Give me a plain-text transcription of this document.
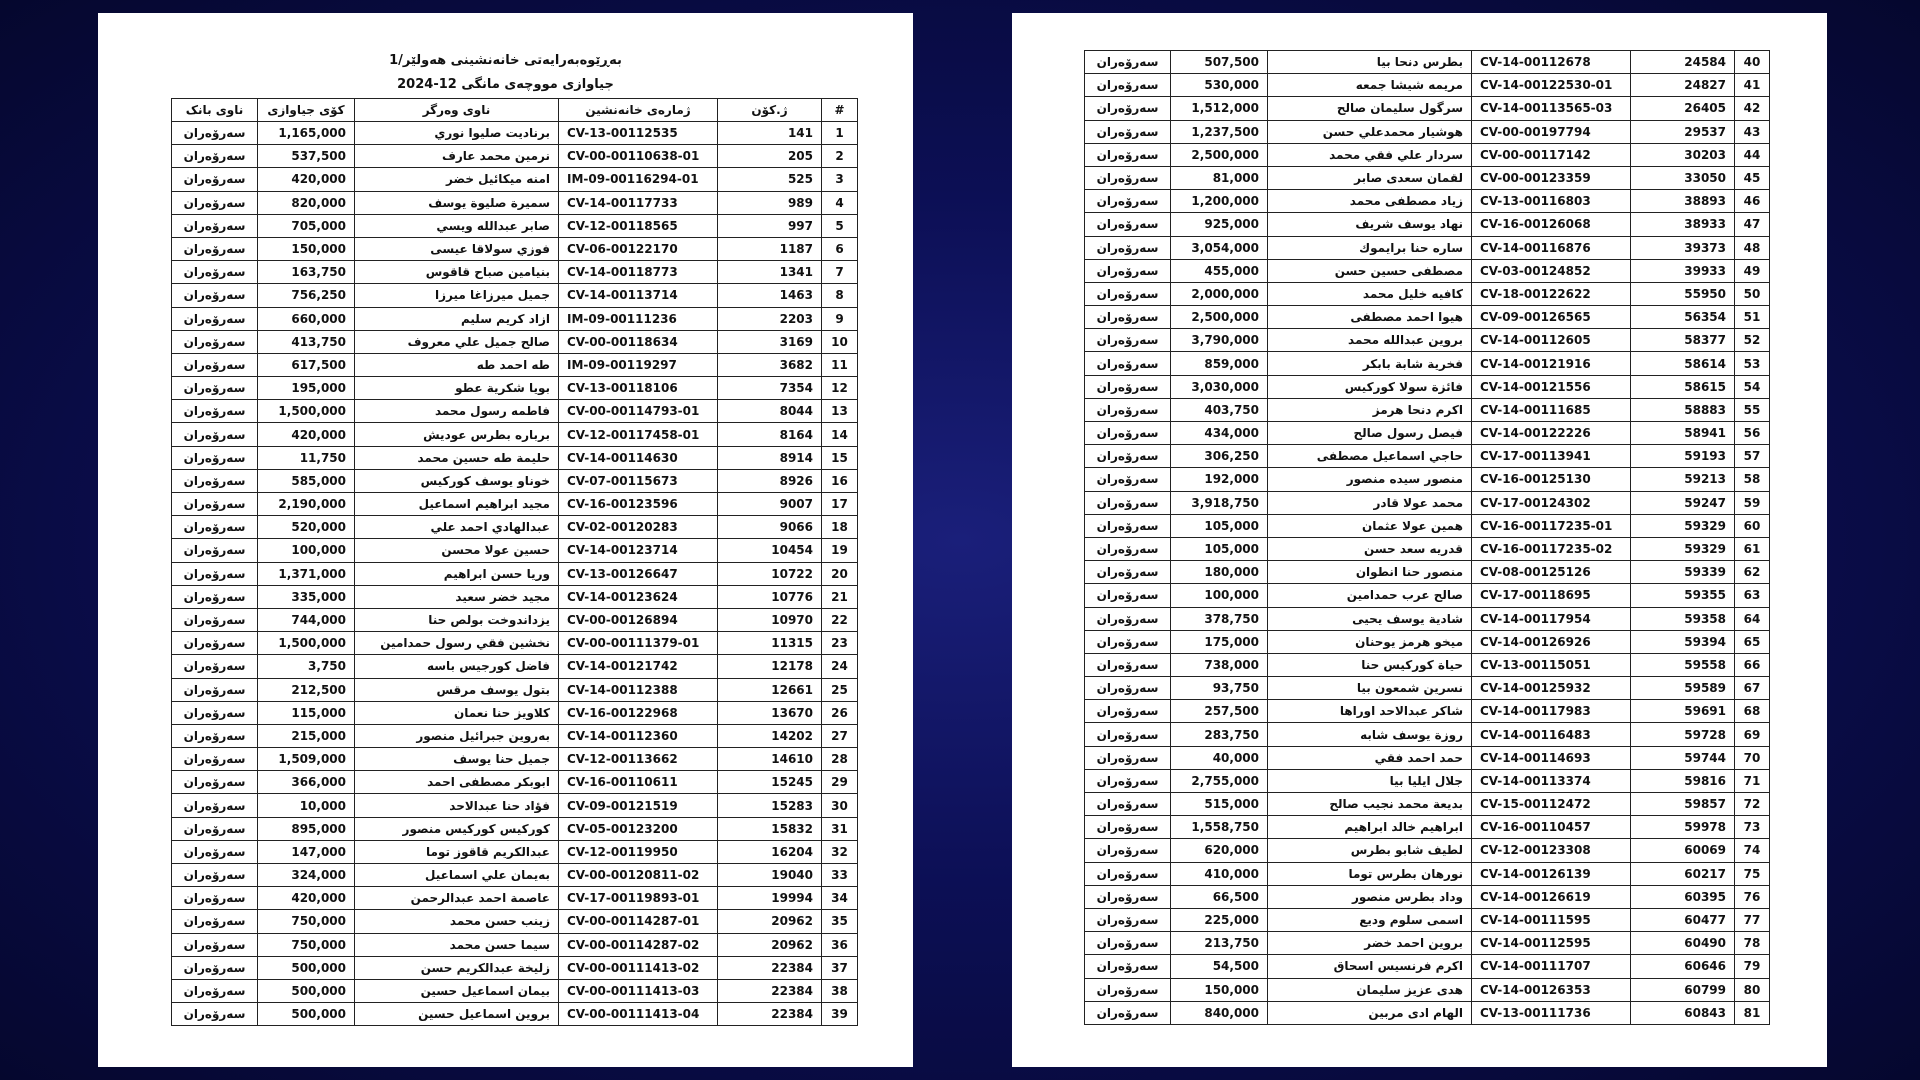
بەڕێوەبەرایەتی خانەنشینی هەولێر/1
جیاوازی مووچەی مانگی 12-2024
ناوی بانک	کۆی جیاوازی	ناوی وەرگر	ژمارەی خانەنشین	ژ.کۆن	#
سەرۆەران	1,165,000	برناديت صليوا نوري	CV-13-00112535	141	1
سەرۆەران	537,500	نرمين محمد عارف	CV-00-00110638-01	205	2
سەرۆەران	420,000	امنه ميكائيل خضر	IM-09-00116294-01	525	3
سەرۆەران	820,000	سميرة صليوة يوسف	CV-14-00117733	989	4
سەرۆەران	705,000	صابر عبدالله ويسي	CV-12-00118565	997	5
سەرۆەران	150,000	فوزي سولاقا عيسى	CV-06-00122170	1187	6
سەرۆەران	163,750	بنيامين صباح قاقوس	CV-14-00118773	1341	7
سەرۆەران	756,250	جميل ميرزاغا ميرزا	CV-14-00113714	1463	8
سەرۆەران	660,000	ازاد كريم سليم	IM-09-00111236	2203	9
سەرۆەران	413,750	صالح جميل علي معروف	CV-00-00118634	3169	10
سەرۆەران	617,500	طه احمد طه	IM-09-00119297	3682	11
سەرۆەران	195,000	بويا شكرية عطو	CV-13-00118106	7354	12
سەرۆەران	1,500,000	فاطمه رسول محمد	CV-00-00114793-01	8044	13
سەرۆەران	420,000	برباره بطرس عوديش	CV-12-00117458-01	8164	14
سەرۆەران	11,750	حليمة طه حسين محمد	CV-14-00114630	8914	15
سەرۆەران	585,000	خوناو يوسف كوركيس	CV-07-00115673	8926	16
سەرۆەران	2,190,000	مجيد ابراهيم اسماعيل	CV-16-00123596	9007	17
سەرۆەران	520,000	عبدالهادي احمد علي	CV-02-00120283	9066	18
سەرۆەران	100,000	حسين عولا محسن	CV-14-00123714	10454	19
سەرۆەران	1,371,000	وريا حسن ابراهيم	CV-13-00126647	10722	20
سەرۆەران	335,000	مجيد خضر سعيد	CV-14-00123624	10776	21
سەرۆەران	744,000	يزداندوخت بولص حنا	CV-00-00126894	10970	22
سەرۆەران	1,500,000	نخشين فقي رسول حمدامين	CV-00-00111379-01	11315	23
سەرۆەران	3,750	فاضل كورجيس باسه	CV-14-00121742	12178	24
سەرۆەران	212,500	بتول يوسف مرقس	CV-14-00112388	12661	25
سەرۆەران	115,000	كلاويز حنا نعمان	CV-16-00122968	13670	26
سەرۆەران	215,000	بەروين جبرائيل منصور	CV-14-00112360	14202	27
سەرۆەران	1,509,000	جميل حنا يوسف	CV-12-00113662	14610	28
سەرۆەران	366,000	ابوبكر مصطفى احمد	CV-16-00110611	15245	29
سەرۆەران	10,000	فؤاد حنا عبدالاحد	CV-09-00121519	15283	30
سەرۆەران	895,000	كوركيس كوركيس منصور	CV-05-00123200	15832	31
سەرۆەران	147,000	عبدالكريم قاقوز توما	CV-12-00119950	16204	32
سەرۆەران	324,000	بەيمان علي اسماعيل	CV-00-00120811-02	19040	33
سەرۆەران	420,000	عاصمة احمد عبدالرحمن	CV-17-00119893-01	19994	34
سەرۆەران	750,000	زينب حسن محمد	CV-00-00114287-01	20962	35
سەرۆەران	750,000	سيما حسن محمد	CV-00-00114287-02	20962	36
سەرۆەران	500,000	زليخة عبدالكريم حسن	CV-00-00111413-02	22384	37
سەرۆەران	500,000	بيمان اسماعيل حسين	CV-00-00111413-03	22384	38
سەرۆەران	500,000	بروين اسماعيل حسين	CV-00-00111413-04	22384	39
سەرۆەران	507,500	بطرس دنحا بيا	CV-14-00112678	24584	40
سەرۆەران	530,000	مريمه شيشا جمعه	CV-14-00122530-01	24827	41
سەرۆەران	1,512,000	سرگول سليمان صالح	CV-14-00113565-03	26405	42
سەرۆەران	1,237,500	هوشيار محمدعلي حسن	CV-00-00197794	29537	43
سەرۆەران	2,500,000	سردار علي فقي محمد	CV-00-00117142	30203	44
سەرۆەران	81,000	لقمان سعدى صابر	CV-00-00123359	33050	45
سەرۆەران	1,200,000	زياد مصطفى محمد	CV-13-00116803	38893	46
سەرۆەران	925,000	نهاد يوسف شريف	CV-16-00126068	38933	47
سەرۆەران	3,054,000	ساره حنا برايموك	CV-14-00116876	39373	48
سەرۆەران	455,000	مصطفى حسين حسن	CV-03-00124852	39933	49
سەرۆەران	2,000,000	كافيه خليل محمد	CV-18-00122622	55950	50
سەرۆەران	2,500,000	هيوا احمد مصطفى	CV-09-00126565	56354	51
سەرۆەران	3,790,000	بروين عبدالله محمد	CV-14-00112605	58377	52
سەرۆەران	859,000	فخرية شابة بابكر	CV-14-00121916	58614	53
سەرۆەران	3,030,000	فائزة سولا كوركيس	CV-14-00121556	58615	54
سەرۆەران	403,750	اكرم دنحا هرمز	CV-14-00111685	58883	55
سەرۆەران	434,000	فيصل رسول صالح	CV-14-00122226	58941	56
سەرۆەران	306,250	حاجي اسماعيل مصطفى	CV-17-00113941	59193	57
سەرۆەران	192,000	منصور سيده منصور	CV-16-00125130	59213	58
سەرۆەران	3,918,750	محمد عولا قادر	CV-17-00124302	59247	59
سەرۆەران	105,000	همين عولا عثمان	CV-16-00117235-01	59329	60
سەرۆەران	105,000	قدريه سعد حسن	CV-16-00117235-02	59329	61
سەرۆەران	180,000	منصور حنا انطوان	CV-08-00125126	59339	62
سەرۆەران	100,000	صالح عرب حمدامين	CV-17-00118695	59355	63
سەرۆەران	378,750	شادية يوسف يحيى	CV-14-00117954	59358	64
سەرۆەران	175,000	ميخو هرمز يوحنان	CV-14-00126926	59394	65
سەرۆەران	738,000	حياة كوركيس حنا	CV-13-00115051	59558	66
سەرۆەران	93,750	نسرين شمعون بيا	CV-14-00125932	59589	67
سەرۆەران	257,500	شاكر عبدالاحد اوراها	CV-14-00117983	59691	68
سەرۆەران	283,750	روزة يوسف شابه	CV-14-00116483	59728	69
سەرۆەران	40,000	حمد احمد فقي	CV-14-00114693	59744	70
سەرۆەران	2,755,000	جلال ايليا بيا	CV-14-00113374	59816	71
سەرۆەران	515,000	بديعة محمد نجيب صالح	CV-15-00112472	59857	72
سەرۆەران	1,558,750	ابراهيم خالد ابراهيم	CV-16-00110457	59978	73
سەرۆەران	620,000	لطيف شابو بطرس	CV-12-00123308	60069	74
سەرۆەران	410,000	نورهان بطرس توما	CV-14-00126139	60217	75
سەرۆەران	66,500	وداد بطرس منصور	CV-14-00126619	60395	76
سەرۆەران	225,000	اسمى سلوم وديع	CV-14-00111595	60477	77
سەرۆەران	213,750	بروين احمد خضر	CV-14-00112595	60490	78
سەرۆەران	54,500	اكرم فرنسيس اسحاق	CV-14-00111707	60646	79
سەرۆەران	150,000	هدى عزيز سليمان	CV-14-00126353	60799	80
سەرۆەران	840,000	الهام ادى مربين	CV-13-00111736	60843	81
